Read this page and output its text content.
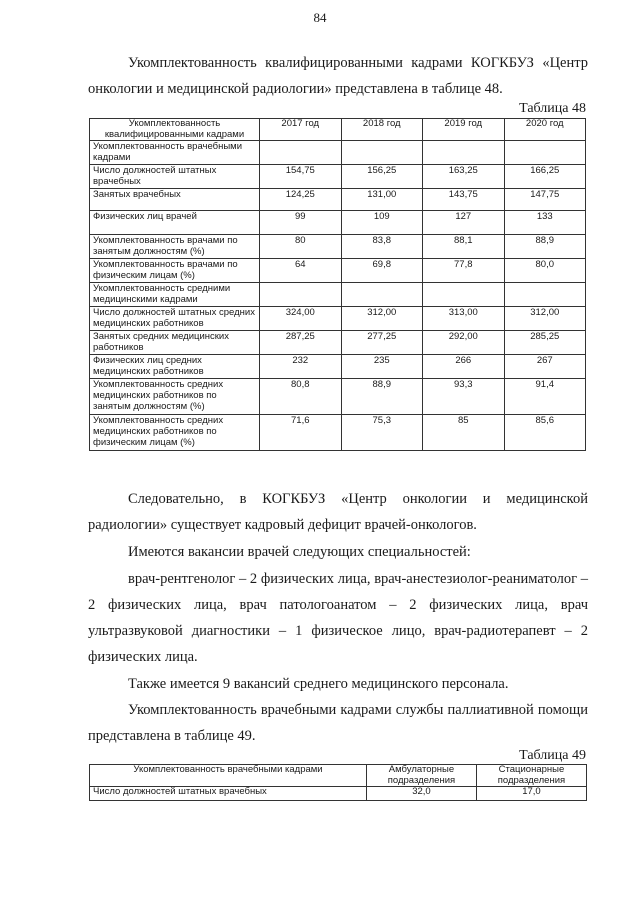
84

Укомплектованность квалифицированными кадрами КОГКБУЗ «Центр онкологии и медицинской радиологии» представлена в таблице 48.

Таблица 48
Укомплектованность квалифицированными кадрами	2017 год	2018 год	2019 год	2020 год
Укомплектованность врачебными кадрами				
Число должностей штатных врачебных	154,75	156,25	163,25	166,25
Занятых врачебных	124,25	131,00	143,75	147,75
Физических лиц врачей	99	109	127	133
Укомплектованность врачами по занятым должностям (%)	80	83,8	88,1	88,9
Укомплектованность врачами по физическим лицам (%)	64	69,8	77,8	80,0
Укомплектованность средними медицинскими кадрами				
Число должностей штатных средних медицинских работников	324,00	312,00	313,00	312,00
Занятых средних медицинских работников	287,25	277,25	292,00	285,25
Физических лиц средних медицинских работников	232	235	266	267
Укомплектованность средних медицинских работников по занятым должностям (%)	80,8	88,9	93,3	91,4
Укомплектованность средних медицинских работников по физическим лицам (%)	71,6	75,3	85	85,6

Следовательно, в КОГКБУЗ «Центр онкологии и медицинской радиологии» существует кадровый дефицит врачей-онкологов.

Имеются вакансии врачей следующих специальностей:

врач-рентгенолог – 2 физических лица, врач-анестезиолог-реаниматолог – 2 физических лица, врач патологоанатом – 2 физических лица, врач ультразвуковой диагностики – 1 физическое лицо, врач-радиотерапевт – 2 физических лица.

Также имеется 9 вакансий среднего медицинского персонала.

Укомплектованность врачебными кадрами службы паллиативной помощи представлена в таблице 49.

Таблица 49
Укомплектованность врачебными кадрами	Амбулаторные подразделения	Стационарные подразделения
Число должностей штатных врачебных	32,0	17,0
